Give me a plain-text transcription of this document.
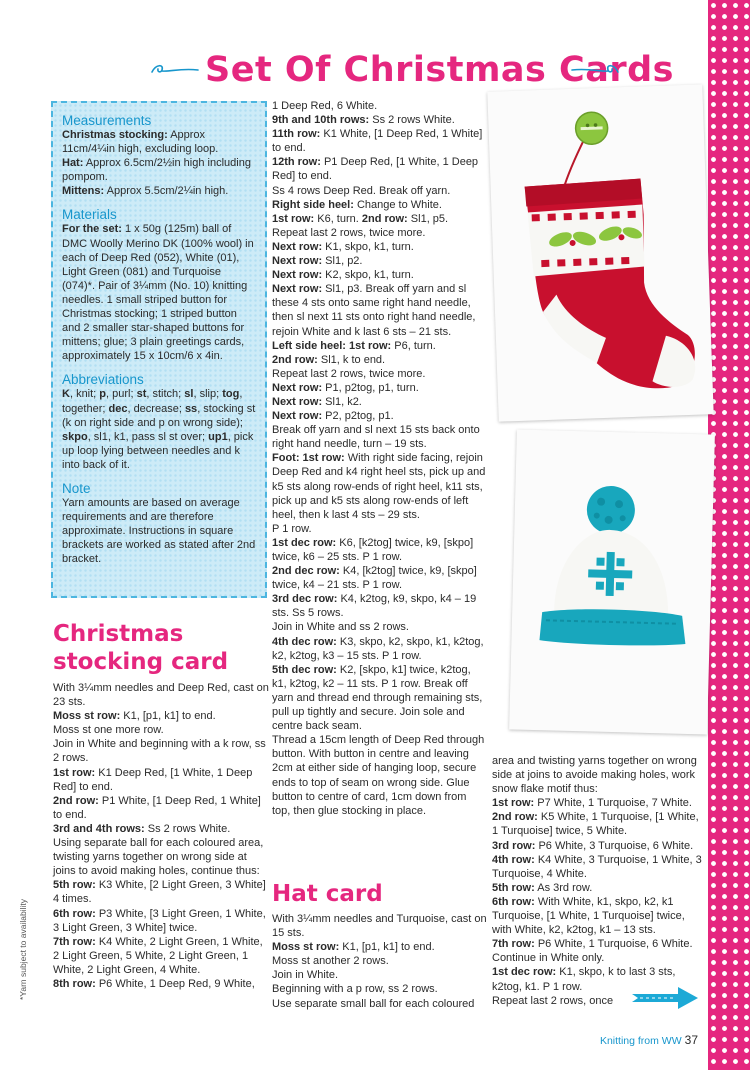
Set Of Christmas Cards
Measurements
Christmas stocking: Approx 11cm/4¼in high, excluding loop.
Hat: Approx 6.5cm/2½in high including pompom.
Mittens: Approx 5.5cm/2¼in high.
Materials
For the set: 1 x 50g (125m) ball of DMC Woolly Merino DK (100% wool) in each of Deep Red (052), White (01), Light Green (081) and Turquoise (074)*. Pair of 3¼mm (No. 10) knitting needles. 1 small striped button for Christmas stocking; 1 striped button and 2 smaller star-shaped buttons for mittens; glue; 3 plain greetings cards, approximately 15 x 10cm/6 x 4in.
Abbreviations
K, knit; p, purl; st, stitch; sl, slip; tog, together; dec, decrease; ss, stocking st (k on right side and p on wrong side); skpo, sl1, k1, pass sl st over; up1, pick up loop lying between needles and k into back of it.
Note
Yarn amounts are based on average requirements and are therefore approximate. Instructions in square brackets are worked as stated after 2nd bracket.
Christmas
stocking card

With 3¼mm needles and Deep Red, cast on 23 sts.

Moss st row: K1, [p1, k1] to end.

Moss st one more row.

Join in White and beginning with a k row, ss 2 rows.

1st row: K1 Deep Red, [1 White, 1 Deep Red] to end.

2nd row: P1 White, [1 Deep Red, 1 White] to end.

3rd and 4th rows: Ss 2 rows White.

Using separate ball for each coloured area, twisting yarns together on wrong side at joins to avoid making holes, continue thus:

5th row: K3 White, [2 Light Green, 3 White] 4 times.

6th row: P3 White, [3 Light Green, 1 White, 3 Light Green, 3 White] twice.

7th row: K4 White, 2 Light Green, 1 White, 2 Light Green, 5 White, 2 Light Green, 1 White, 2 Light Green, 4 White.

8th row: P6 White, 1 Deep Red, 9 White,

1 Deep Red, 6 White.

9th and 10th rows: Ss 2 rows White.

11th row: K1 White, [1 Deep Red, 1 White] to end.

12th row: P1 Deep Red, [1 White, 1 Deep Red] to end.

Ss 4 rows Deep Red. Break off yarn.

Right side heel: Change to White.

1st row: K6, turn. 2nd row: Sl1, p5.

Repeat last 2 rows, twice more.

Next row: K1, skpo, k1, turn.

Next row: Sl1, p2.

Next row: K2, skpo, k1, turn.

Next row: Sl1, p3. Break off yarn and sl these 4 sts onto same right hand needle, then sl next 11 sts onto right hand needle, rejoin White and k last 6 sts – 21 sts.

Left side heel: 1st row: P6, turn.

2nd row: Sl1, k to end.

Repeat last 2 rows, twice more.

Next row: P1, p2tog, p1, turn.

Next row: Sl1, k2.

Next row: P2, p2tog, p1.

Break off yarn and sl next 15 sts back onto right hand needle, turn – 19 sts.

Foot: 1st row: With right side facing, rejoin Deep Red and k4 right heel sts, pick up and k5 sts along row-ends of right heel, k11 sts, pick up and k5 sts along row-ends of left heel, then k last 4 sts – 29 sts.

P 1 row.

1st dec row: K6, [k2tog] twice, k9, [skpo] twice, k6 – 25 sts. P 1 row.

2nd dec row: K4, [k2tog] twice, k9, [skpo] twice, k4 – 21 sts. P 1 row.

3rd dec row: K4, k2tog, k9, skpo, k4 – 19 sts. Ss 5 rows.

Join in White and ss 2 rows.

4th dec row: K3, skpo, k2, skpo, k1, k2tog, k2, k2tog, k3 – 15 sts. P 1 row.

5th dec row: K2, [skpo, k1] twice, k2tog, k1, k2tog, k2 – 11 sts. P 1 row. Break off yarn and thread end through remaining sts, pull up tightly and secure. Join sole and centre back seam.

Thread a 15cm length of Deep Red through button. With button in centre and leaving 2cm at either side of hanging loop, secure ends to top of seam on wrong side. Glue button to centre of card, 1cm down from top, then glue stocking in place.

Hat card

With 3¼mm needles and Turquoise, cast on 15 sts.

Moss st row: K1, [p1, k1] to end.

Moss st another 2 rows.

Join in White.

Beginning with a p row, ss 2 rows.

Use separate small ball for each coloured

area and twisting yarns together on wrong side at joins to avoide making holes, work snow flake motif thus:

1st row: P7 White, 1 Turquoise, 7 White.

2nd row: K5 White, 1 Turquoise, [1 White, 1 Turquoise] twice, 5 White.

3rd row: P6 White, 3 Turquoise, 6 White.

4th row: K4 White, 3 Turquoise, 1 White, 3 Turquoise, 4 White.

5th row: As 3rd row.

6th row: With White, k1, skpo, k2, k1 Turquoise, [1 White, 1 Turquoise] twice, with White, k2, k2tog, k1 – 13 sts.

7th row: P6 White, 1 Turquoise, 6 White.

Continue in White only.

1st dec row: K1, skpo, k to last 3 sts, k2tog, k1. P 1 row.

Repeat last 2 rows, once

*Yarn subject to availability
Knitting from WW 37
